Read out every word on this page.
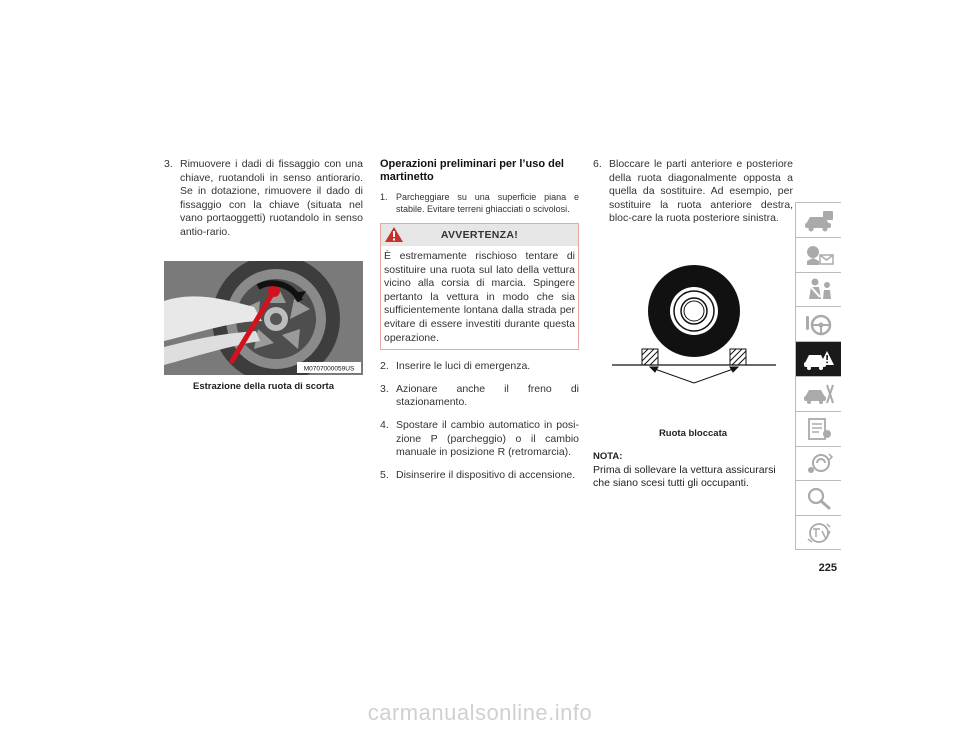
3. Rimuovere i dadi di fissaggio con una chiave, ruotandoli in senso antiorario. Se in dotazione, rimuovere il dado di fissaggio con la chiave (situata nel vano portaoggetti) ruotandolo in senso antio-rario.
M0707000059US
Estrazione della ruota di scorta
Operazioni preliminari per l’uso del martinetto
1. Parcheggiare su una superficie piana e stabile. Evitare terreni ghiacciati o scivolosi.
AVVERTENZA!
È estremamente rischioso tentare di sostituire una ruota sul lato della vettura vicino alla corsia di marcia. Spingere pertanto la vettura in modo che sia sufficientemente lontana dalla strada per evitare di essere investiti durante questa operazione.
2. Inserire le luci di emergenza.
3. Azionare anche il freno di stazionamento.
4. Spostare il cambio automatico in posi-zione P (parcheggio) o il cambio manuale in posizione R (retromarcia).
5. Disinserire il dispositivo di accensione.
6. Bloccare le parti anteriore e posteriore della ruota diagonalmente opposta a quella da sostituire. Ad esempio, per sostituire la ruota anteriore destra, bloc-care la ruota posteriore sinistra.
Ruota bloccata
NOTA:
Prima di sollevare la vettura assicurarsi che siano scesi tutti gli occupanti.
225
carmanualsonline.info
